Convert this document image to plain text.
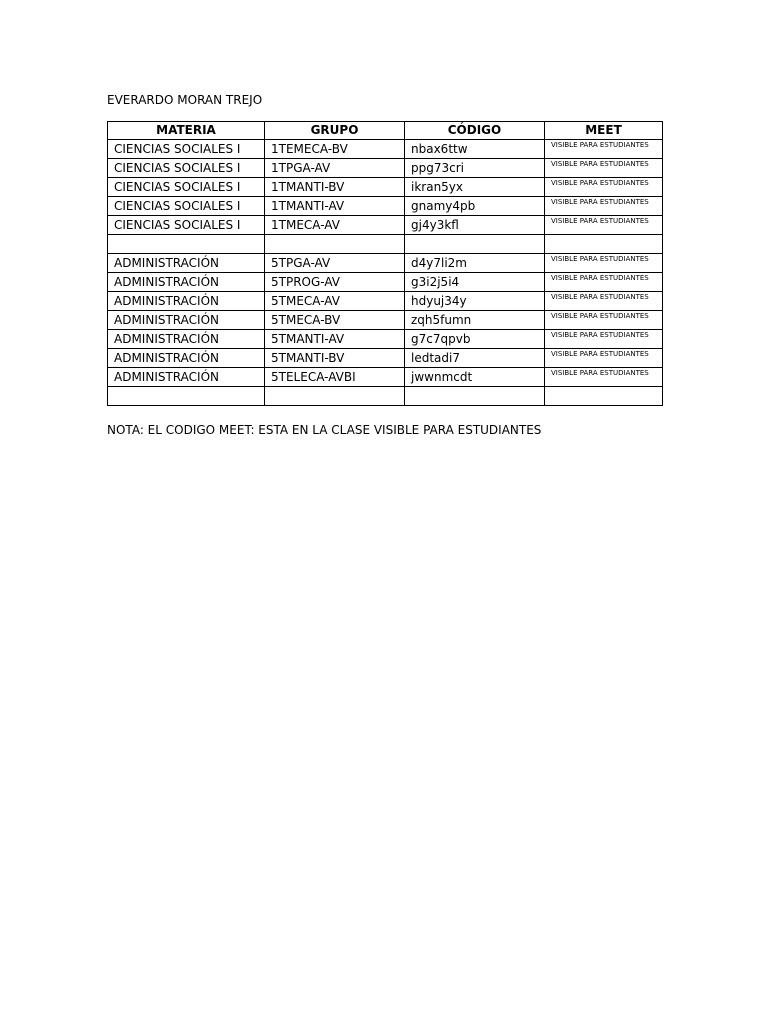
EVERARDO MORAN TREJO
MATERIA	GRUPO	CÓDIGO	MEET
CIENCIAS SOCIALES I	1TEMECA-BV	nbax6ttw	VISIBLE PARA ESTUDIANTES
CIENCIAS SOCIALES I	1TPGA-AV	ppg73cri	VISIBLE PARA ESTUDIANTES
CIENCIAS SOCIALES I	1TMANTI-BV	ikran5yx	VISIBLE PARA ESTUDIANTES
CIENCIAS SOCIALES I	1TMANTI-AV	gnamy4pb	VISIBLE PARA ESTUDIANTES
CIENCIAS SOCIALES I	1TMECA-AV	gj4y3kfl	VISIBLE PARA ESTUDIANTES

ADMINISTRACIÓN	5TPGA-AV	d4y7li2m	VISIBLE PARA ESTUDIANTES
ADMINISTRACIÓN	5TPROG-AV	g3i2j5i4	VISIBLE PARA ESTUDIANTES
ADMINISTRACIÓN	5TMECA-AV	hdyuj34y	VISIBLE PARA ESTUDIANTES
ADMINISTRACIÓN	5TMECA-BV	zqh5fumn	VISIBLE PARA ESTUDIANTES
ADMINISTRACIÓN	5TMANTI-AV	g7c7qpvb	VISIBLE PARA ESTUDIANTES
ADMINISTRACIÓN	5TMANTI-BV	ledtadi7	VISIBLE PARA ESTUDIANTES
ADMINISTRACIÓN	5TELECA-AVBI	jwwnmcdt	VISIBLE PARA ESTUDIANTES

NOTA: EL CODIGO MEET: ESTA EN LA CLASE VISIBLE PARA ESTUDIANTES
